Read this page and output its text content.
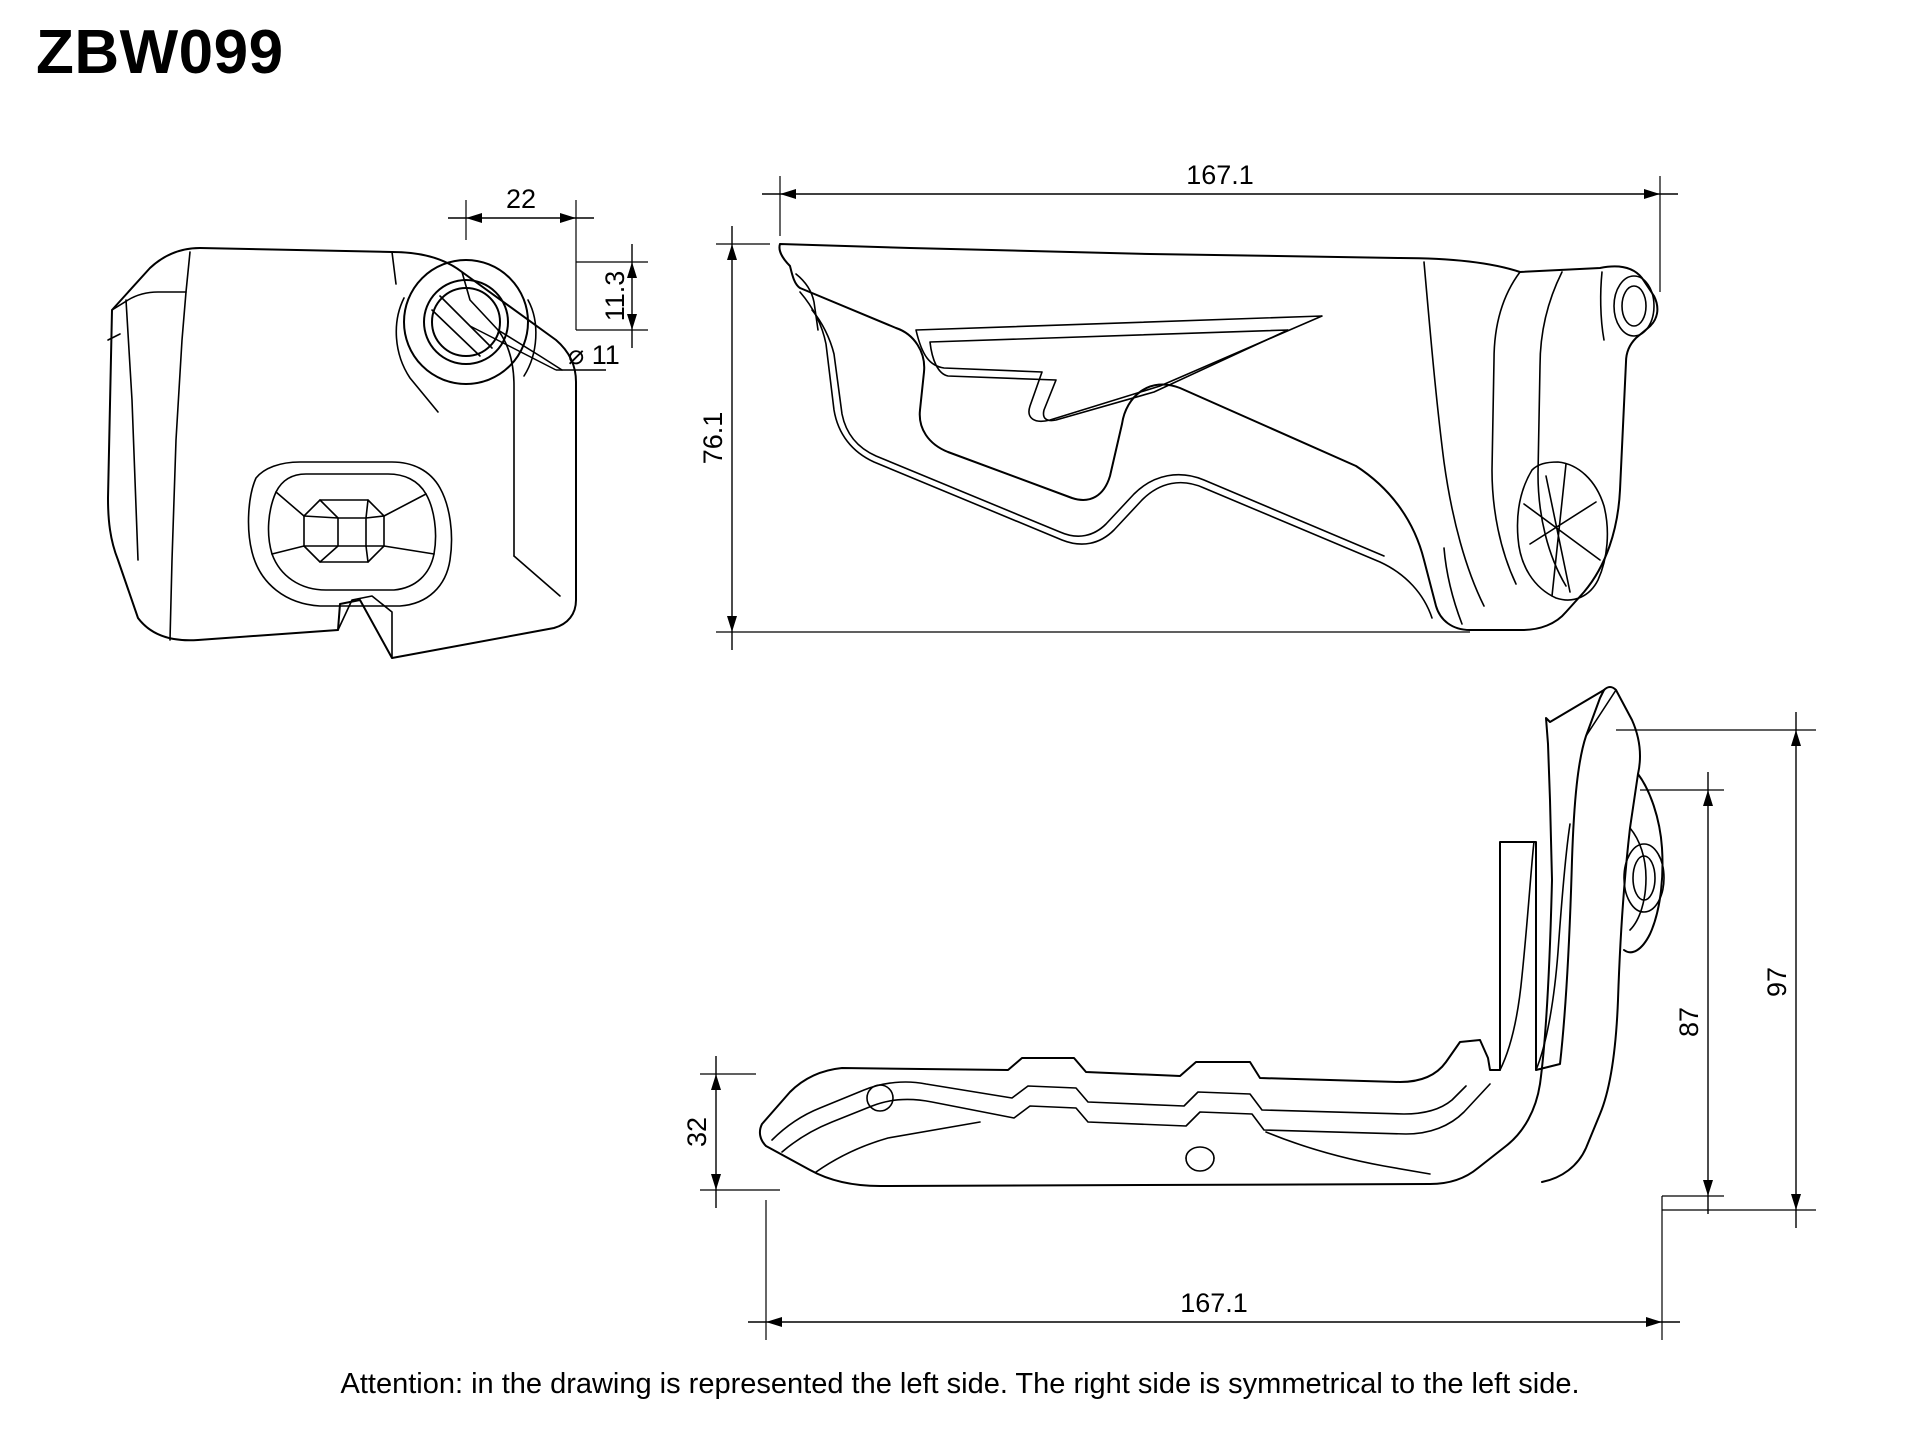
ZBW099
22
11.3
⌀ 11
167.1
76.1
32
167.1
87
97
Attention: in the drawing is represented the left side. The right side is symmetrical to the left side.
